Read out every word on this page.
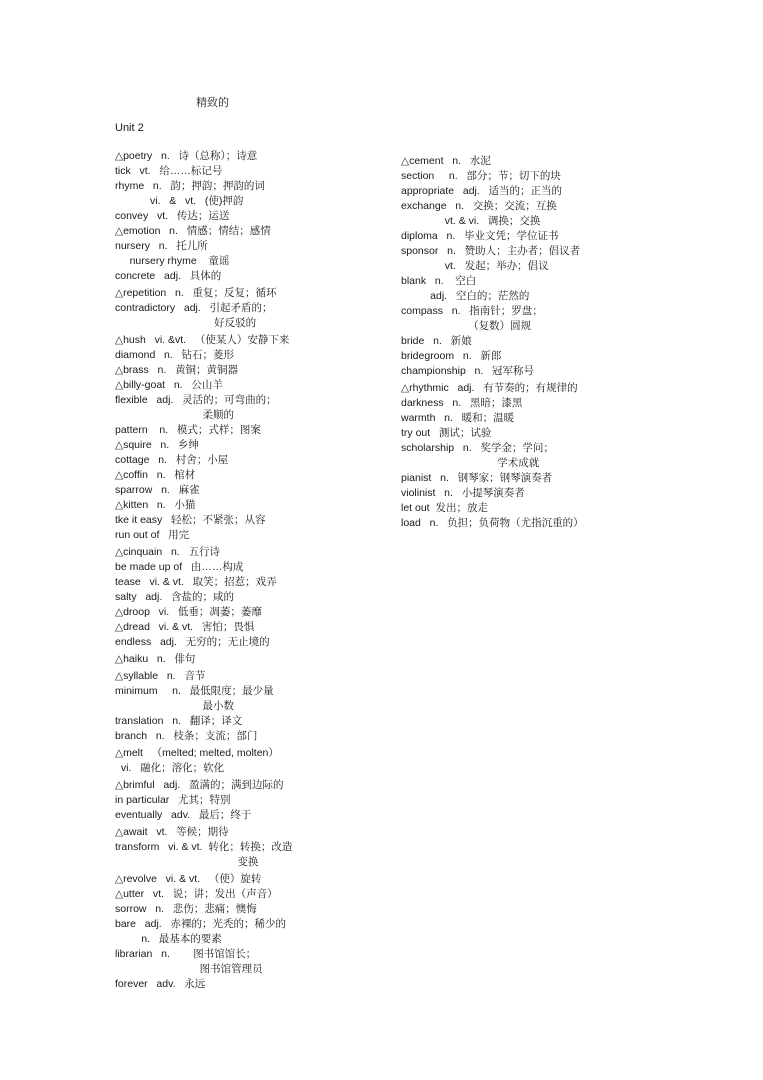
精致的
Unit 2
△poetry   n.   诗（总称）；诗意
tick   vt.   给……标记号
rhyme   n.   韵；押韵；押韵的词
vi.   &   vt.   (使)押韵
convey   vt.   传达；运送
△emotion   n.   情感；情结；感情
nursery   n.   托儿所
nursery rhyme    童谣
concrete   adj.   具体的
△repetition   n.   重复；反复；循环
contradictory   adj.   引起矛盾的；
好反驳的
△hush   vi. &vt.   （使某人）安静下来
diamond   n.   钻石；菱形
△brass   n.   黄铜；黄铜器
△billy-goat   n.   公山羊
flexible   adj.   灵活的；可弯曲的；
柔顺的
pattern    n.   模式；式样；图案
△squire   n.   乡绅
cottage   n.   村舍；小屋
△coffin   n.   棺材
sparrow   n.   麻雀
△kitten   n.   小猫
tke it easy   轻松；不紧张；从容
run out of   用完
△cinquain   n.   五行诗
be made up of   由……构成
tease   vi. & vt.   取笑；招惹；戏弄
salty   adj.   含盐的；咸的
△droop   vi.   低垂；凋萎；萎靡
△dread   vi. & vt.   害怕；畏惧
endless   adj.   无穷的；无止境的
△haiku   n.   俳句
△syllable   n.   音节
minimum     n.   最低限度；最少量
最小数
translation   n.   翻译；译文
branch   n.   枝条；支流；部门
△melt   （melted; melted, molten）
vi.   融化；溶化；软化
△brimful   adj.   盈满的；满到边际的
in particular   尤其；特别
eventually   adv.   最后；终于
△await   vt.   等候；期待
transform   vi. & vt.  转化；转换；改造
变换
△revolve   vi. & vt.   （使）旋转
△utter   vt.   说；讲；发出（声音）
sorrow   n.   悲伤；悲痛；懊悔
bare   adj.   赤裸的；光秃的；稀少的
n.   最基本的要素
librarian   n.        图书馆馆长；
图书馆管理员
forever   adv.   永远
△cement   n.   水泥
section     n.   部分；节；切下的块
appropriate   adj.   适当的；正当的
exchange   n.   交换；交流；互换
vt. & vi.   调换；交换
diploma   n.   毕业文凭；学位证书
sponsor   n.   赞助人；主办者；倡议者
vt.   发起；举办；倡议
blank   n.    空白
adj.   空白的；茫然的
compass   n.   指南针；罗盘；
（复数）圆规
bride   n.   新娘
bridegroom   n.   新郎
championship   n.   冠军称号
△rhythmic   adj.   有节奏的；有规律的
darkness   n.   黑暗；漆黑
warmth   n.   暖和；温暖
try out   测试；试验
scholarship   n.   奖学金；学问；
学术成就
pianist   n.   钢琴家；钢琴演奏者
violinist   n.   小提琴演奏者
let out  发出；放走
load   n.   负担；负荷物（尤指沉重的）
